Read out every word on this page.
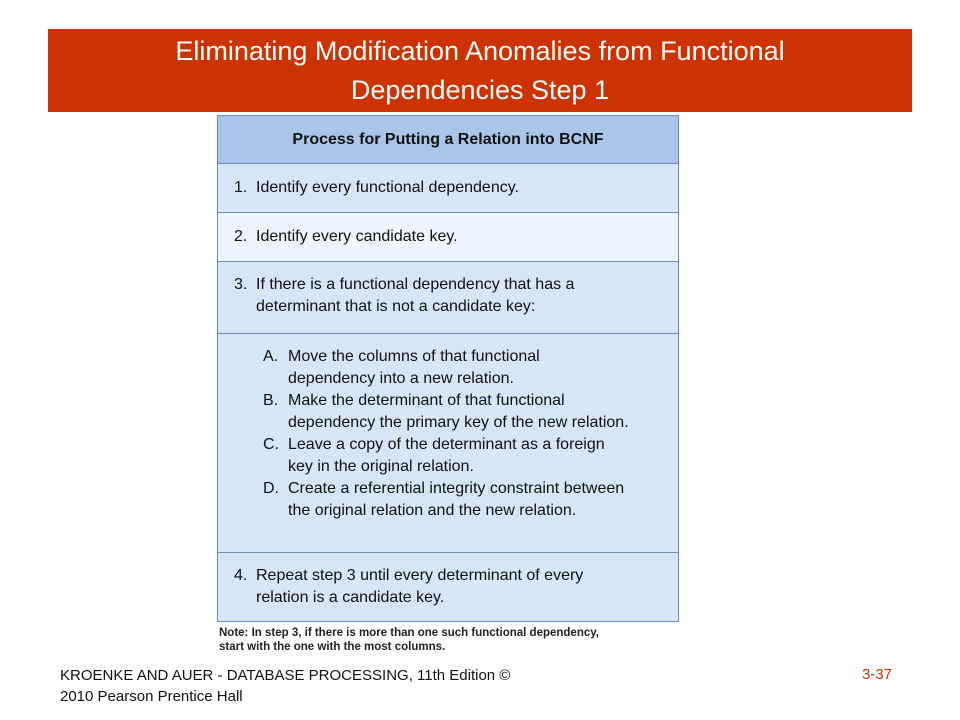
Eliminating Modification Anomalies from Functional
Dependencies Step 1
Process for Putting a Relation into BCNF
1. Identify every functional dependency.
2. Identify every candidate key.
3. If there is a functional dependency that has a
determinant that is not a candidate key:
A. Move the columns of that functional
dependency into a new relation.
B. Make the determinant of that functional
dependency the primary key of the new relation.
C. Leave a copy of the determinant as a foreign
key in the original relation.
D. Create a referential integrity constraint between
the original relation and the new relation.
4. Repeat step 3 until every determinant of every
relation is a candidate key.
Note: In step 3, if there is more than one such functional dependency,
start with the one with the most columns.
KROENKE AND AUER - DATABASE PROCESSING, 11th Edition ©
2010 Pearson Prentice Hall
3-37
